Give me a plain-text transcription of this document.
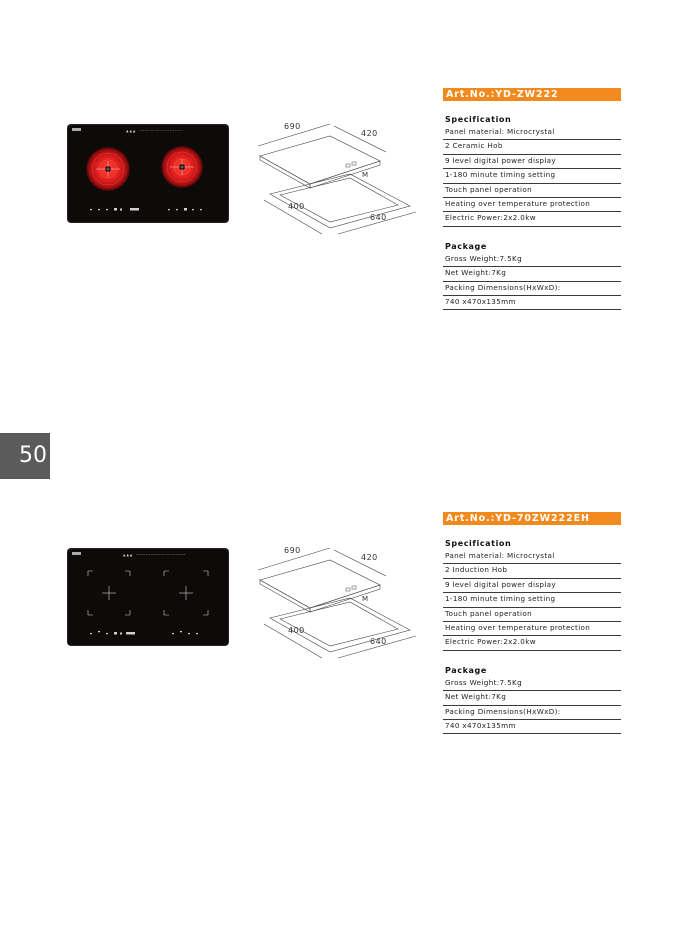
▲ ▲ ▲	690
420
M
400
640
Art.No.:YD-ZW222
Specification
Panel material: Microcrystal
2 Ceramic Hob
9 level digital power display
1-180 minute timing setting
Touch panel operation
Heating over temperature protection
Electric Power:2x2.0kw
Package
Gross Weight:7.5Kg
Net Weight:7Kg
Packing Dimensions(HxWxD):
740 x470x135mm
50
▲ ▲ ▲	690
420
M
400
640
Art.No.:YD-70ZW222EH
Specification
Panel material: Microcrystal
2 Induction Hob
9 level digital power display
1-180 minute timing setting
Touch panel operation
Heating over temperature protection
Electric Power:2x2.0kw
Package
Gross Weight:7.5Kg
Net Weight:7Kg
Packing Dimensions(HxWxD):
740 x470x135mm
